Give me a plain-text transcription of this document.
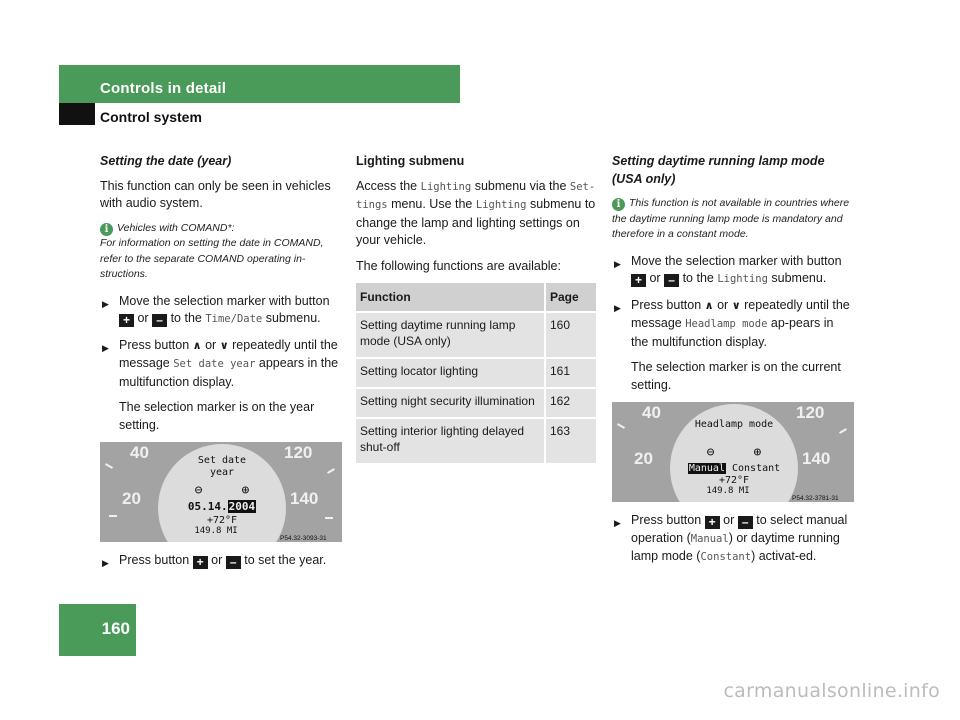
Controls in detail
Control system
Setting the date (year)

This function can only be seen in vehicles with audio system.

i Vehicles with COMAND*:
For information on setting the date in COMAND, refer to the separate COMAND operating in-structions.
▶ Move the selection marker with button + or – to the Time/Date submenu.
▶ Press button ∧ or ∨ repeatedly until the message Set date year appears in the multifunction display.
The selection marker is on the year setting.
40	120
20	140
Set date
year
⊖     ⊕
05.14.2004
+72°F
149.8 MI
P54.32-3093-31
▶ Press button + or – to set the year.
Lighting submenu

Access the Lighting submenu via the Set-tings menu. Use the Lighting submenu to change the lamp and lighting settings on your vehicle.

The following functions are available:

Function	Page
Setting daytime running lamp mode (USA only)	160
Setting locator lighting	161
Setting night security illumination	162
Setting interior lighting delayed shut-off	163
Setting daytime running lamp mode (USA only)
i This function is not available in countries where the daytime running lamp mode is mandatory and therefore in a constant mode.
▶ Move the selection marker with button + or – to the Lighting submenu.
▶ Press button ∧ or ∨ repeatedly until the message Headlamp mode ap-pears in the multifunction display.
The selection marker is on the current setting.
40	120
20	140
Headlamp mode
⊖     ⊕
Manual Constant
+72°F
149.8 MI
P54.32-3781-31
▶ Press button + or – to select manual operation (Manual) or daytime running lamp mode (Constant) activat-ed.
160
carmanualsonline.info
